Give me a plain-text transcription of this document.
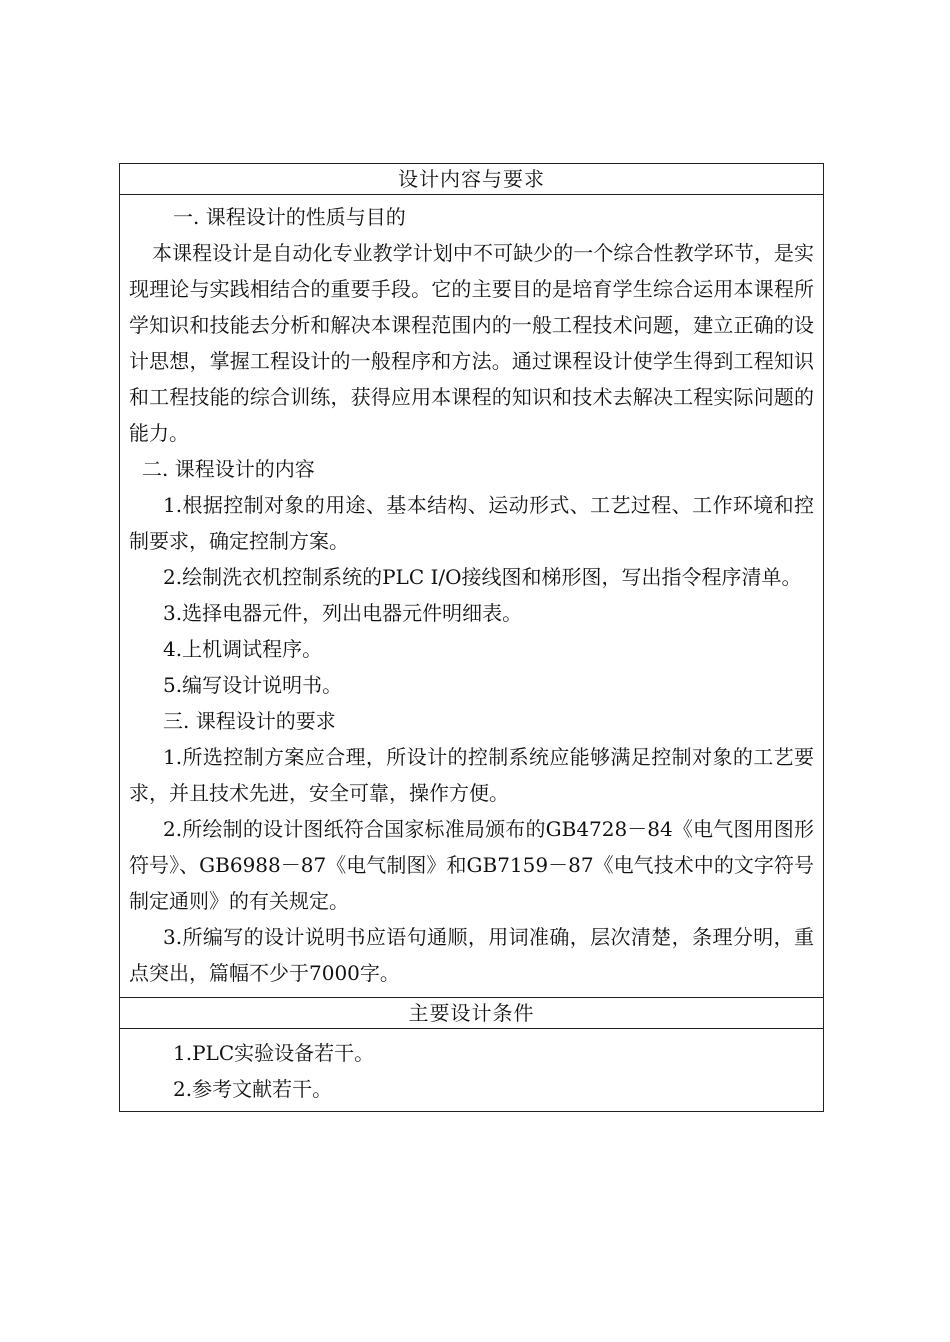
设计内容与要求

一. 课程设计的性质与目的

本课程设计是自动化专业教学计划中不可缺少的一个综合性教学环节，是实现理论与实践相结合的重要手段。它的主要目的是培育学生综合运用本课程所学知识和技能去分析和解决本课程范围内的一般工程技术问题，建立正确的设计思想，掌握工程设计的一般程序和方法。通过课程设计使学生得到工程知识和工程技能的综合训练，获得应用本课程的知识和技术去解决工程实际问题的能力。

二. 课程设计的内容

1.根据控制对象的用途、基本结构、运动形式、工艺过程、工作环境和控制要求，确定控制方案。

2.绘制洗衣机控制系统的PLC I/O接线图和梯形图，写出指令程序清单。

3.选择电器元件，列出电器元件明细表。

4.上机调试程序。

5.编写设计说明书。

三. 课程设计的要求

1.所选控制方案应合理，所设计的控制系统应能够满足控制对象的工艺要求，并且技术先进，安全可靠，操作方便。

2.所绘制的设计图纸符合国家标准局颁布的GB4728－84《电气图用图形符号》、GB6988－87《电气制图》和GB7159－87《电气技术中的文字符号制定通则》的有关规定。

3.所编写的设计说明书应语句通顺，用词准确，层次清楚，条理分明，重点突出，篇幅不少于7000字。

主要设计条件

1.PLC实验设备若干。

2.参考文献若干。
